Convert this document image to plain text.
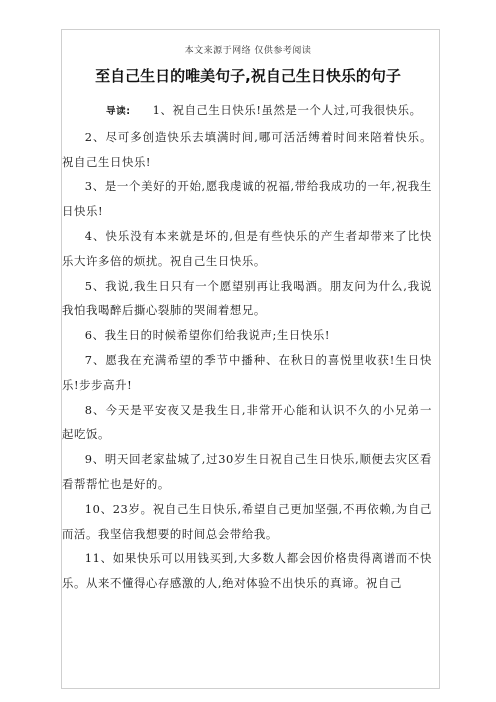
本文来源于网络 仅供参考阅读
至自己生日的唯美句子,祝自己生日快乐的句子

导读: 1、祝自己生日快乐!虽然是一个人过,可我很快乐。

2、尽可多创造快乐去填满时间,哪可活活缚着时间来陪着快乐。祝自己生日快乐!

3、是一个美好的开始,愿我虔诚的祝福,带给我成功的一年,祝我生日快乐!

4、快乐没有本来就是坏的,但是有些快乐的产生者却带来了比快乐大许多倍的烦扰。祝自己生日快乐。

5、我说,我生日只有一个愿望别再让我喝酒。朋友问为什么,我说我怕我喝醉后撕心裂肺的哭闹着想兄。

6、我生日的时候希望你们给我说声;生日快乐!

7、愿我在充满希望的季节中播种、在秋日的喜悦里收获!生日快乐!步步高升!

8、今天是平安夜又是我生日,非常开心能和认识不久的小兄弟一起吃饭。

9、明天回老家盐城了,过30岁生日祝自己生日快乐,顺便去灾区看看帮帮忙也是好的。

10、23岁。祝自己生日快乐,希望自己更加坚强,不再依赖,为自己而活。我坚信我想要的时间总会带给我。

11、如果快乐可以用钱买到,大多数人都会因价格贵得离谱而不快乐。从来不懂得心存感激的人,绝对体验不出快乐的真谛。祝自己
